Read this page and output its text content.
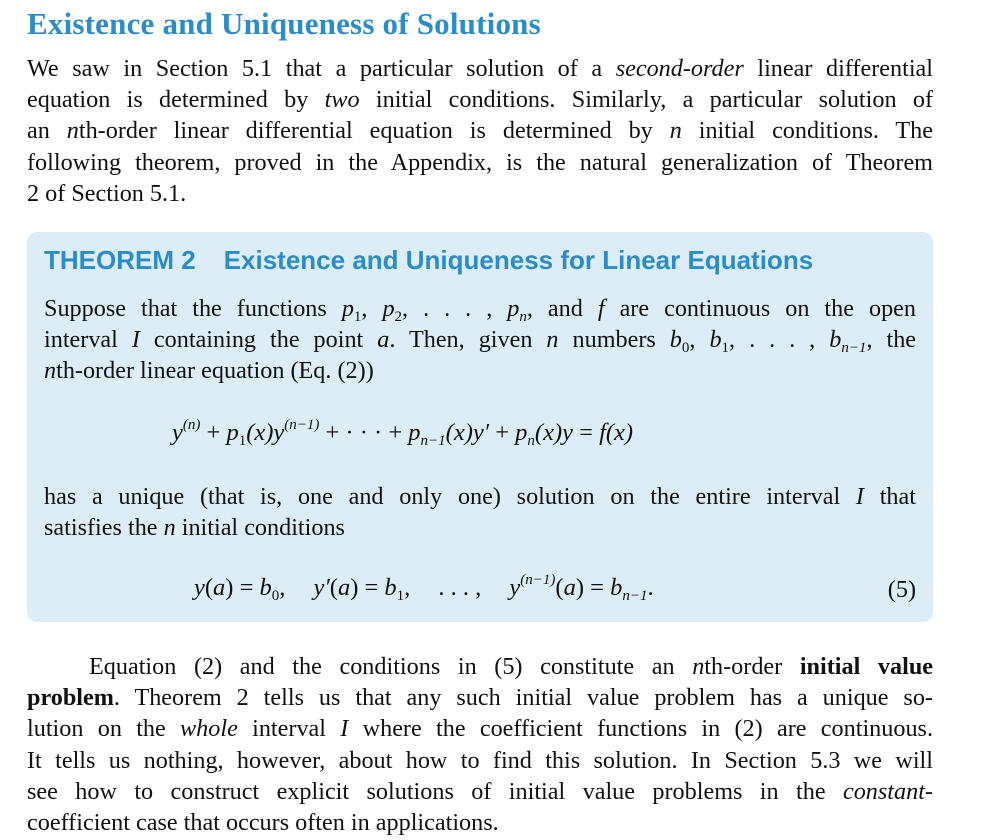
Existence and Uniqueness of Solutions
We saw in Section 5.1 that a particular solution of a second-order linear differential
equation is determined by two initial conditions. Similarly, a particular solution of
an nth-order linear differential equation is determined by n initial conditions. The
following theorem, proved in the Appendix, is the natural generalization of Theorem
2 of Section 5.1.
THEOREM 2 Existence and Uniqueness for Linear Equations
Suppose that the functions $p_1$, $p_2$, . . . , $p_n$, and f are continuous on the open
interval I containing the point a. Then, given n numbers $b_0$, $b_1$, . . . , $b_{n-1}$, the
nth-order linear equation (Eq. (2))
$y^{(n)} + p_1(x)y^{(n-1)}$ + · · · + $p_{n-1}(x)y' + p_n(x)y = f(x)$
has a unique (that is, one and only one) solution on the entire interval I that
satisfies the n initial conditions
$y(a) = b_0$, $y'(a) = b_1$, . . . , $y^{(n-1)}(a) = b_{n-1}$.	(5)
Equation (2) and the conditions in (5) constitute an nth-order initial value
problem. Theorem 2 tells us that any such initial value problem has a unique so-
lution on the whole interval I where the coefficient functions in (2) are continuous.
It tells us nothing, however, about how to find this solution. In Section 5.3 we will
see how to construct explicit solutions of initial value problems in the constant-
coefficient case that occurs often in applications.
